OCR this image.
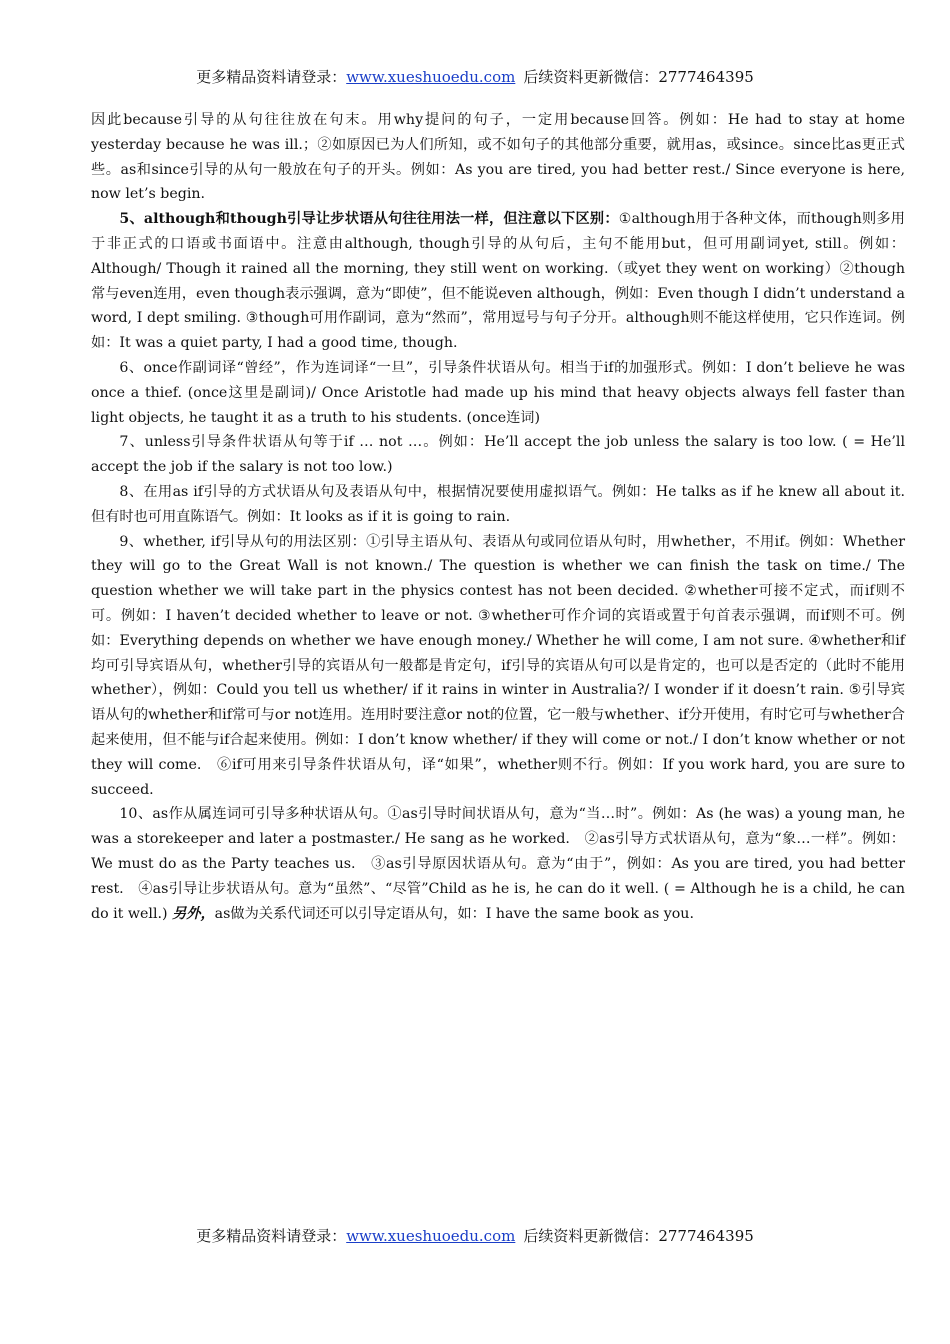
更多精品资料请登录：www.xueshuoedu.com 后续资料更新微信：2777464395

因此because引导的从句往往放在句末。用why提问的句子，一定用because回答。例如：He had to stay at home yesterday because he was ill.；②如原因已为人们所知，或不如句子的其他部分重要，就用as，或since。since比as更正式些。as和since引导的从句一般放在句子的开头。例如：As you are tired, you had better rest./ Since everyone is here, now let’s begin.

5、although和though引导让步状语从句往往用法一样，但注意以下区别：①although用于各种文体，而though则多用于非正式的口语或书面语中。注意由although, though引导的从句后，主句不能用but，但可用副词yet, still。例如：Although/ Though it rained all the morning, they still went on working.（或yet they went on working）②though常与even连用，even though表示强调，意为“即使”，但不能说even although，例如：Even though I didn’t understand a word, I dept smiling. ③though可用作副词，意为“然而”，常用逗号与句子分开。although则不能这样使用，它只作连词。例如：It was a quiet party, I had a good time, though.

6、once作副词译“曾经”，作为连词译“一旦”，引导条件状语从句。相当于if的加强形式。例如：I don’t believe he was once a thief. (once这里是副词)/ Once Aristotle had made up his mind that heavy objects always fell faster than light objects, he taught it as a truth to his students. (once连词)

7、unless引导条件状语从句等于if … not …。例如：He’ll accept the job unless the salary is too low. ( = He’ll accept the job if the salary is not too low.)

8、在用as if引导的方式状语从句及表语从句中，根据情况要使用虚拟语气。例如：He talks as if he knew all about it. 但有时也可用直陈语气。例如：It looks as if it is going to rain.

9、whether, if引导从句的用法区别：①引导主语从句、表语从句或同位语从句时，用whether，不用if。例如：Whether they will go to the Great Wall is not known./ The question is whether we can finish the task on time./ The question whether we will take part in the physics contest has not been decided. ②whether可接不定式，而if则不可。例如：I haven’t decided whether to leave or not. ③whether可作介词的宾语或置于句首表示强调，而if则不可。例如：Everything depends on whether we have enough money./ Whether he will come, I am not sure. ④whether和if均可引导宾语从句，whether引导的宾语从句一般都是肯定句，if引导的宾语从句可以是肯定的，也可以是否定的（此时不能用whether），例如：Could you tell us whether/ if it rains in winter in Australia?/ I wonder if it doesn’t rain. ⑤引导宾语从句的whether和if常可与or not连用。连用时要注意or not的位置，它一般与whether、if分开使用，有时它可与whether合起来使用，但不能与if合起来使用。例如：I don’t know whether/ if they will come or not./ I don’t know whether or not they will come.　⑥if可用来引导条件状语从句，译“如果”，whether则不行。例如：If you work hard, you are sure to succeed.

10、as作从属连词可引导多种状语从句。①as引导时间状语从句，意为“当…时”。例如：As (he was) a young man, he was a storekeeper and later a postmaster./ He sang as he worked.　②as引导方式状语从句，意为“象…一样”。例如：We must do as the Party teaches us.　③as引导原因状语从句。意为“由于”，例如：As you are tired, you had better rest.　④as引导让步状语从句。意为“虽然”、“尽管”Child as he is, he can do it well. ( = Although he is a child, he can do it well.) 另外，as做为关系代词还可以引导定语从句，如：I have the same book as you.

更多精品资料请登录：www.xueshuoedu.com 后续资料更新微信：2777464395
